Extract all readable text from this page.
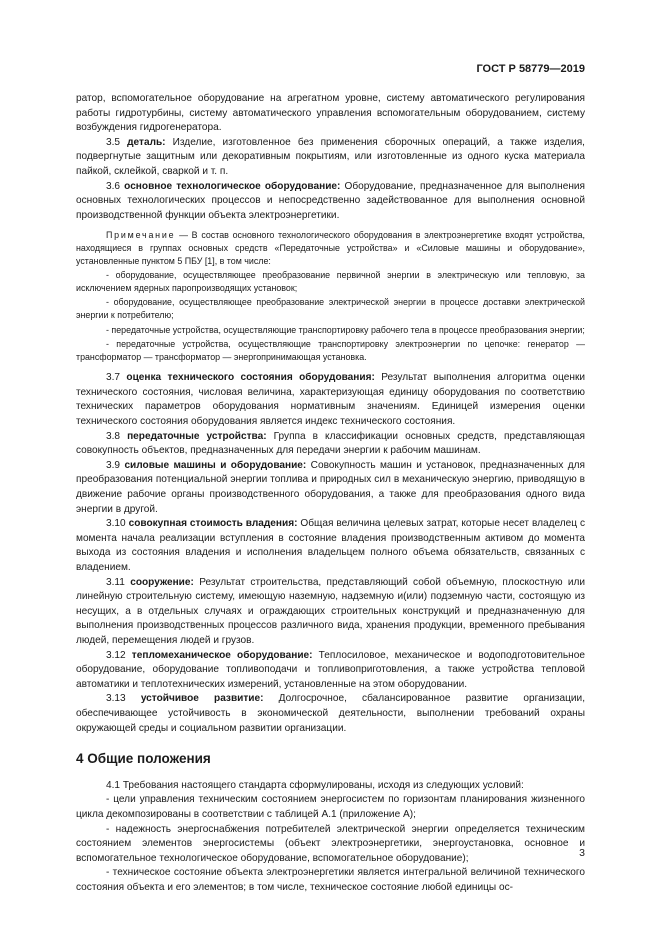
ГОСТ Р 58779—2019

ратор, вспомогательное оборудование на агрегатном уровне, систему автоматического регулирования работы гидротурбины, систему автоматического управления вспомогательным оборудованием, систему возбуждения гидрогенератора.

3.5 деталь: Изделие, изготовленное без применения сборочных операций, а также изделия, подвергнутые защитным или декоративным покрытиям, или изготовленные из одного куска материала пайкой, склейкой, сваркой и т. п.

3.6 основное технологическое оборудование: Оборудование, предназначенное для выполнения основных технологических процессов и непосредственно задействованное для выполнения основной производственной функции объекта электроэнергетики.

Примечание — В состав основного технологического оборудования в электроэнергетике входят устройства, находящиеся в группах основных средств «Передаточные устройства» и «Силовые машины и оборудование», установленные пунктом 5 ПБУ [1], в том числе:

- оборудование, осуществляющее преобразование первичной энергии в электрическую или тепловую, за исключением ядерных паропроизводящих установок;

- оборудование, осуществляющее преобразование электрической энергии в процессе доставки электрической энергии к потребителю;

- передаточные устройства, осуществляющие транспортировку рабочего тела в процессе преобразования энергии;

- передаточные устройства, осуществляющие транспортировку электроэнергии по цепочке: генератор — трансформатор — трансформатор — энергопринимающая установка.

3.7 оценка технического состояния оборудования: Результат выполнения алгоритма оценки технического состояния, числовая величина, характеризующая единицу оборудования по соответствию технических параметров оборудования нормативным значениям. Единицей измерения оценки технического состояния оборудования является индекс технического состояния.

3.8 передаточные устройства: Группа в классификации основных средств, представляющая совокупность объектов, предназначенных для передачи энергии к рабочим машинам.

3.9 силовые машины и оборудование: Совокупность машин и установок, предназначенных для преобразования потенциальной энергии топлива и природных сил в механическую энергию, приводящую в движение рабочие органы производственного оборудования, а также для преобразования одного вида энергии в другой.

3.10 совокупная стоимость владения: Общая величина целевых затрат, которые несет владелец с момента начала реализации вступления в состояние владения производственным активом до момента выхода из состояния владения и исполнения владельцем полного объема обязательств, связанных с владением.

3.11 сооружение: Результат строительства, представляющий собой объемную, плоскостную или линейную строительную систему, имеющую наземную, надземную и(или) подземную части, состоящую из несущих, а в отдельных случаях и ограждающих строительных конструкций и предназначенную для выполнения производственных процессов различного вида, хранения продукции, временного пребывания людей, перемещения людей и грузов.

3.12 тепломеханическое оборудование: Теплосиловое, механическое и водоподготовительное оборудование, оборудование топливоподачи и топливоприготовления, а также устройства тепловой автоматики и теплотехнических измерений, установленные на этом оборудовании.

3.13 устойчивое развитие: Долгосрочное, сбалансированное развитие организации, обеспечивающее устойчивость в экономической деятельности, выполнении требований охраны окружающей среды и социальном развитии организации.

4 Общие положения

4.1 Требования настоящего стандарта сформулированы, исходя из следующих условий:

- цели управления техническим состоянием энергосистем по горизонтам планирования жизненного цикла декомпозированы в соответствии с таблицей А.1 (приложение А);

- надежность энергоснабжения потребителей электрической энергии определяется техническим состоянием элементов энергосистемы (объект электроэнергетики, энергоустановка, основное и вспомогательное технологическое оборудование, вспомогательное оборудование);

- техническое состояние объекта электроэнергетики является интегральной величиной технического состояния объекта и его элементов; в том числе, техническое состояние любой единицы ос-

3
